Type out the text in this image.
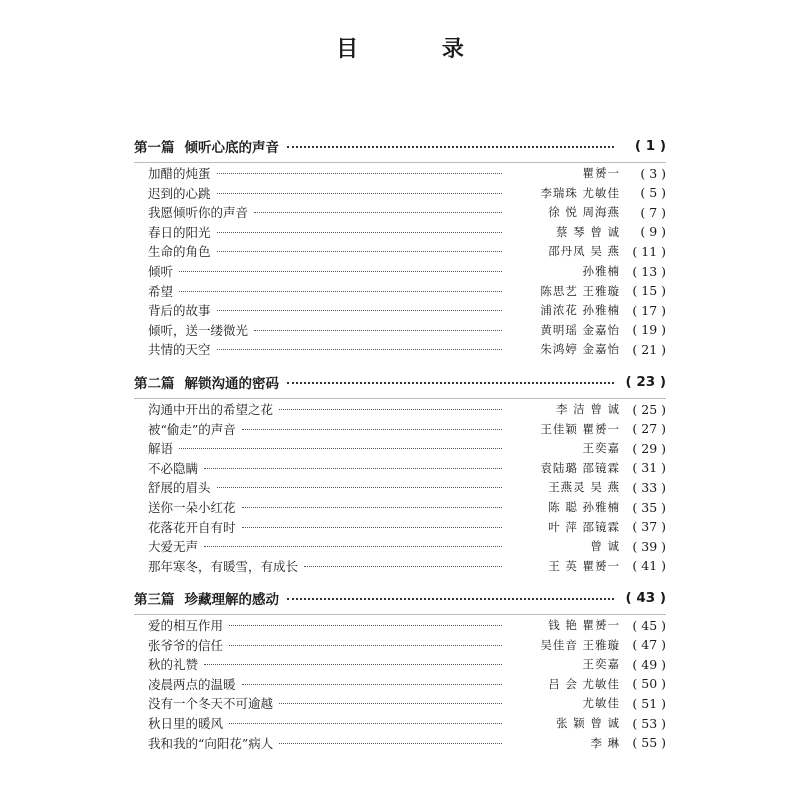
目 录
第一篇 倾听心底的声音	( 1 )
加醋的炖蛋	瞿赟一	( 3 )
迟到的心跳	李瑞珠 尤敏佳	( 5 )
我愿倾听你的声音	徐 悦 周海燕	( 7 )
春日的阳光	蔡 琴 曾 诚	( 9 )
生命的角色	邵丹凤 吴 燕 ( 11 )
倾听	孙雅楠 ( 13 )
希望	陈思艺 王雅璇 ( 15 )
背后的故事	浦浓花 孙雅楠 ( 17 )
倾听，送一缕微光	黄明瑶 金嘉怡 ( 19 )
共情的天空	朱鸿婷 金嘉怡 ( 21 )
第二篇 解锁沟通的密码	( 23 )
沟通中开出的希望之花	李 洁 曾 诚 ( 25 )
被“偷走”的声音	王佳颖 瞿赟一 ( 27 )
解语	王奕嘉 ( 29 )
不必隐瞒	袁陆璐 邵镜霖 ( 31 )
舒展的眉头	王燕灵 吴 燕 ( 33 )
送你一朵小红花	陈 聪 孙雅楠 ( 35 )
花落花开自有时	叶 萍 邵镜霖 ( 37 )
大爱无声	曾 诚 ( 39 )
那年寒冬，有暖雪，有成长	王 英 瞿赟一 ( 41 )
第三篇 珍藏理解的感动	( 43 )
爱的相互作用	钱 艳 瞿赟一 ( 45 )
张爷爷的信任	吴佳音 王雅璇 ( 47 )
秋的礼赞	王奕嘉 ( 49 )
凌晨两点的温暖	吕 会 尤敏佳 ( 50 )
没有一个冬天不可逾越	尤敏佳 ( 51 )
秋日里的暖风	张 颖 曾 诚 ( 53 )
我和我的“向阳花”病人	李 琳 ( 55 )
